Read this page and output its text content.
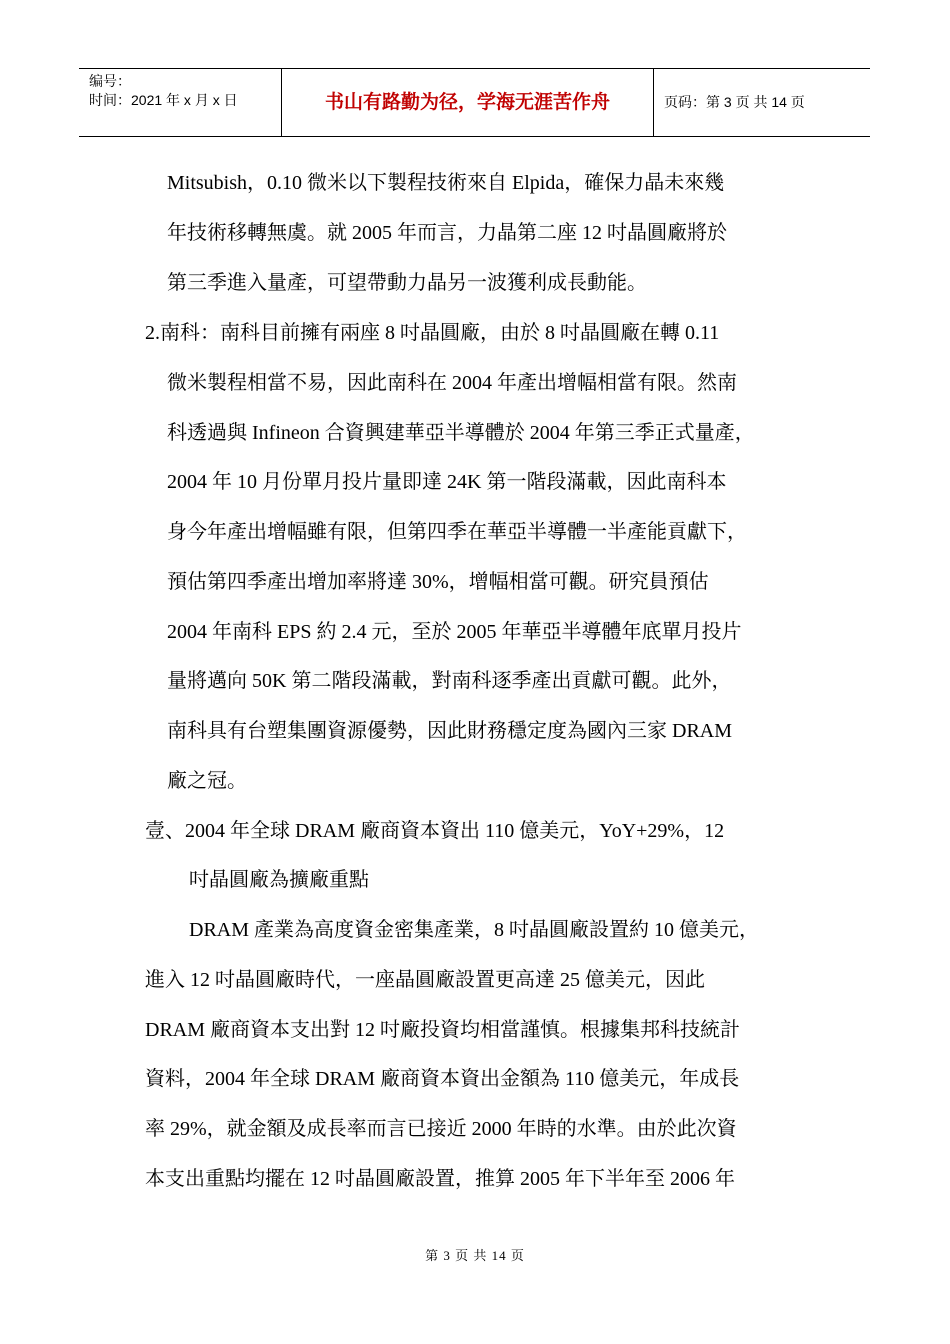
编号：
时间：2021 年 x 月 x 日	书山有路勤为径，学海无涯苦作舟	页码：第 3 页 共 14 页
Mitsubish，0.10 微米以下製程技術來自 Elpida，確保力晶未來幾
年技術移轉無虞。就 2005 年而言，力晶第二座 12 吋晶圓廠將於
第三季進入量產，可望帶動力晶另一波獲利成長動能。
2.南科：南科目前擁有兩座 8 吋晶圓廠，由於 8 吋晶圓廠在轉 0.11
微米製程相當不易，因此南科在 2004 年產出增幅相當有限。然南
科透過與 Infineon 合資興建華亞半導體於 2004 年第三季正式量產，
2004 年 10 月份單月投片量即達 24K 第一階段滿載，因此南科本
身今年產出增幅雖有限，但第四季在華亞半導體一半產能貢獻下，
預估第四季產出增加率將達 30%，增幅相當可觀。研究員預估
2004 年南科 EPS 約 2.4 元，至於 2005 年華亞半導體年底單月投片
量將邁向 50K 第二階段滿載，對南科逐季產出貢獻可觀。此外，
南科具有台塑集團資源優勢，因此財務穩定度為國內三家 DRAM
廠之冠。
壹、2004 年全球 DRAM 廠商資本資出 110 億美元，YoY+29%，12
吋晶圓廠為擴廠重點
DRAM 產業為高度資金密集產業，8 吋晶圓廠設置約 10 億美元，
進入 12 吋晶圓廠時代，一座晶圓廠設置更高達 25 億美元，因此
DRAM 廠商資本支出對 12 吋廠投資均相當謹慎。根據集邦科技統計
資料，2004 年全球 DRAM 廠商資本資出金額為 110 億美元，年成長
率 29%，就金額及成長率而言已接近 2000 年時的水準。由於此次資
本支出重點均擺在 12 吋晶圓廠設置，推算 2005 年下半年至 2006 年
第 3 页 共 14 页
